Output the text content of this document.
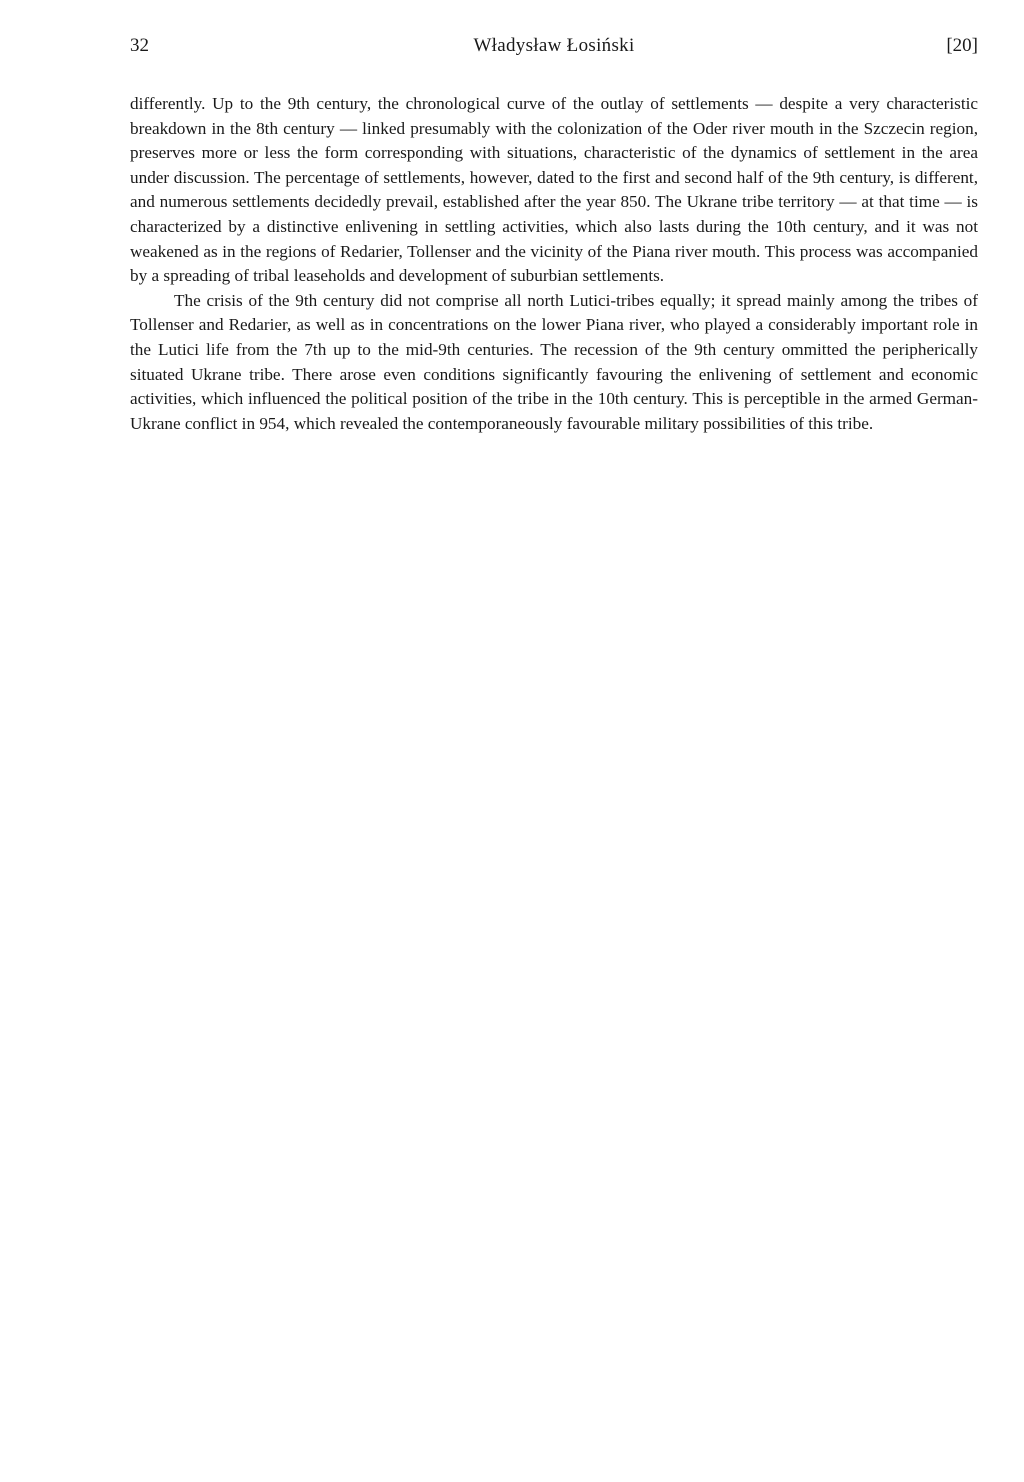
32	Władysław Łosiński	[20]

differently. Up to the 9th century, the chronological curve of the outlay of settlements — despite a very characteristic breakdown in the 8th century — linked presumably with the colonization of the Oder river mouth in the Szczecin region, preserves more or less the form corresponding with situations, characteristic of the dynamics of settlement in the area under discussion. The percentage of settlements, however, dated to the first and second half of the 9th century, is different, and numerous settlements decidedly prevail, established after the year 850. The Ukrane tribe territory — at that time — is characterized by a distinctive enlivening in settling activities, which also lasts during the 10th century, and it was not weakened as in the regions of Redarier, Tollenser and the vicinity of the Piana river mouth. This process was accompanied by a spreading of tribal leaseholds and development of suburbian settlements.

The crisis of the 9th century did not comprise all north Lutici-tribes equally; it spread mainly among the tribes of Tollenser and Redarier, as well as in concentrations on the lower Piana river, who played a considerably important role in the Lutici life from the 7th up to the mid-9th centuries. The recession of the 9th century ommitted the peripherically situated Ukrane tribe. There arose even conditions significantly favouring the enlivening of settlement and economic activities, which influenced the political position of the tribe in the 10th century. This is perceptible in the armed German-Ukrane conflict in 954, which revealed the contemporaneously favourable military possibilities of this tribe.
